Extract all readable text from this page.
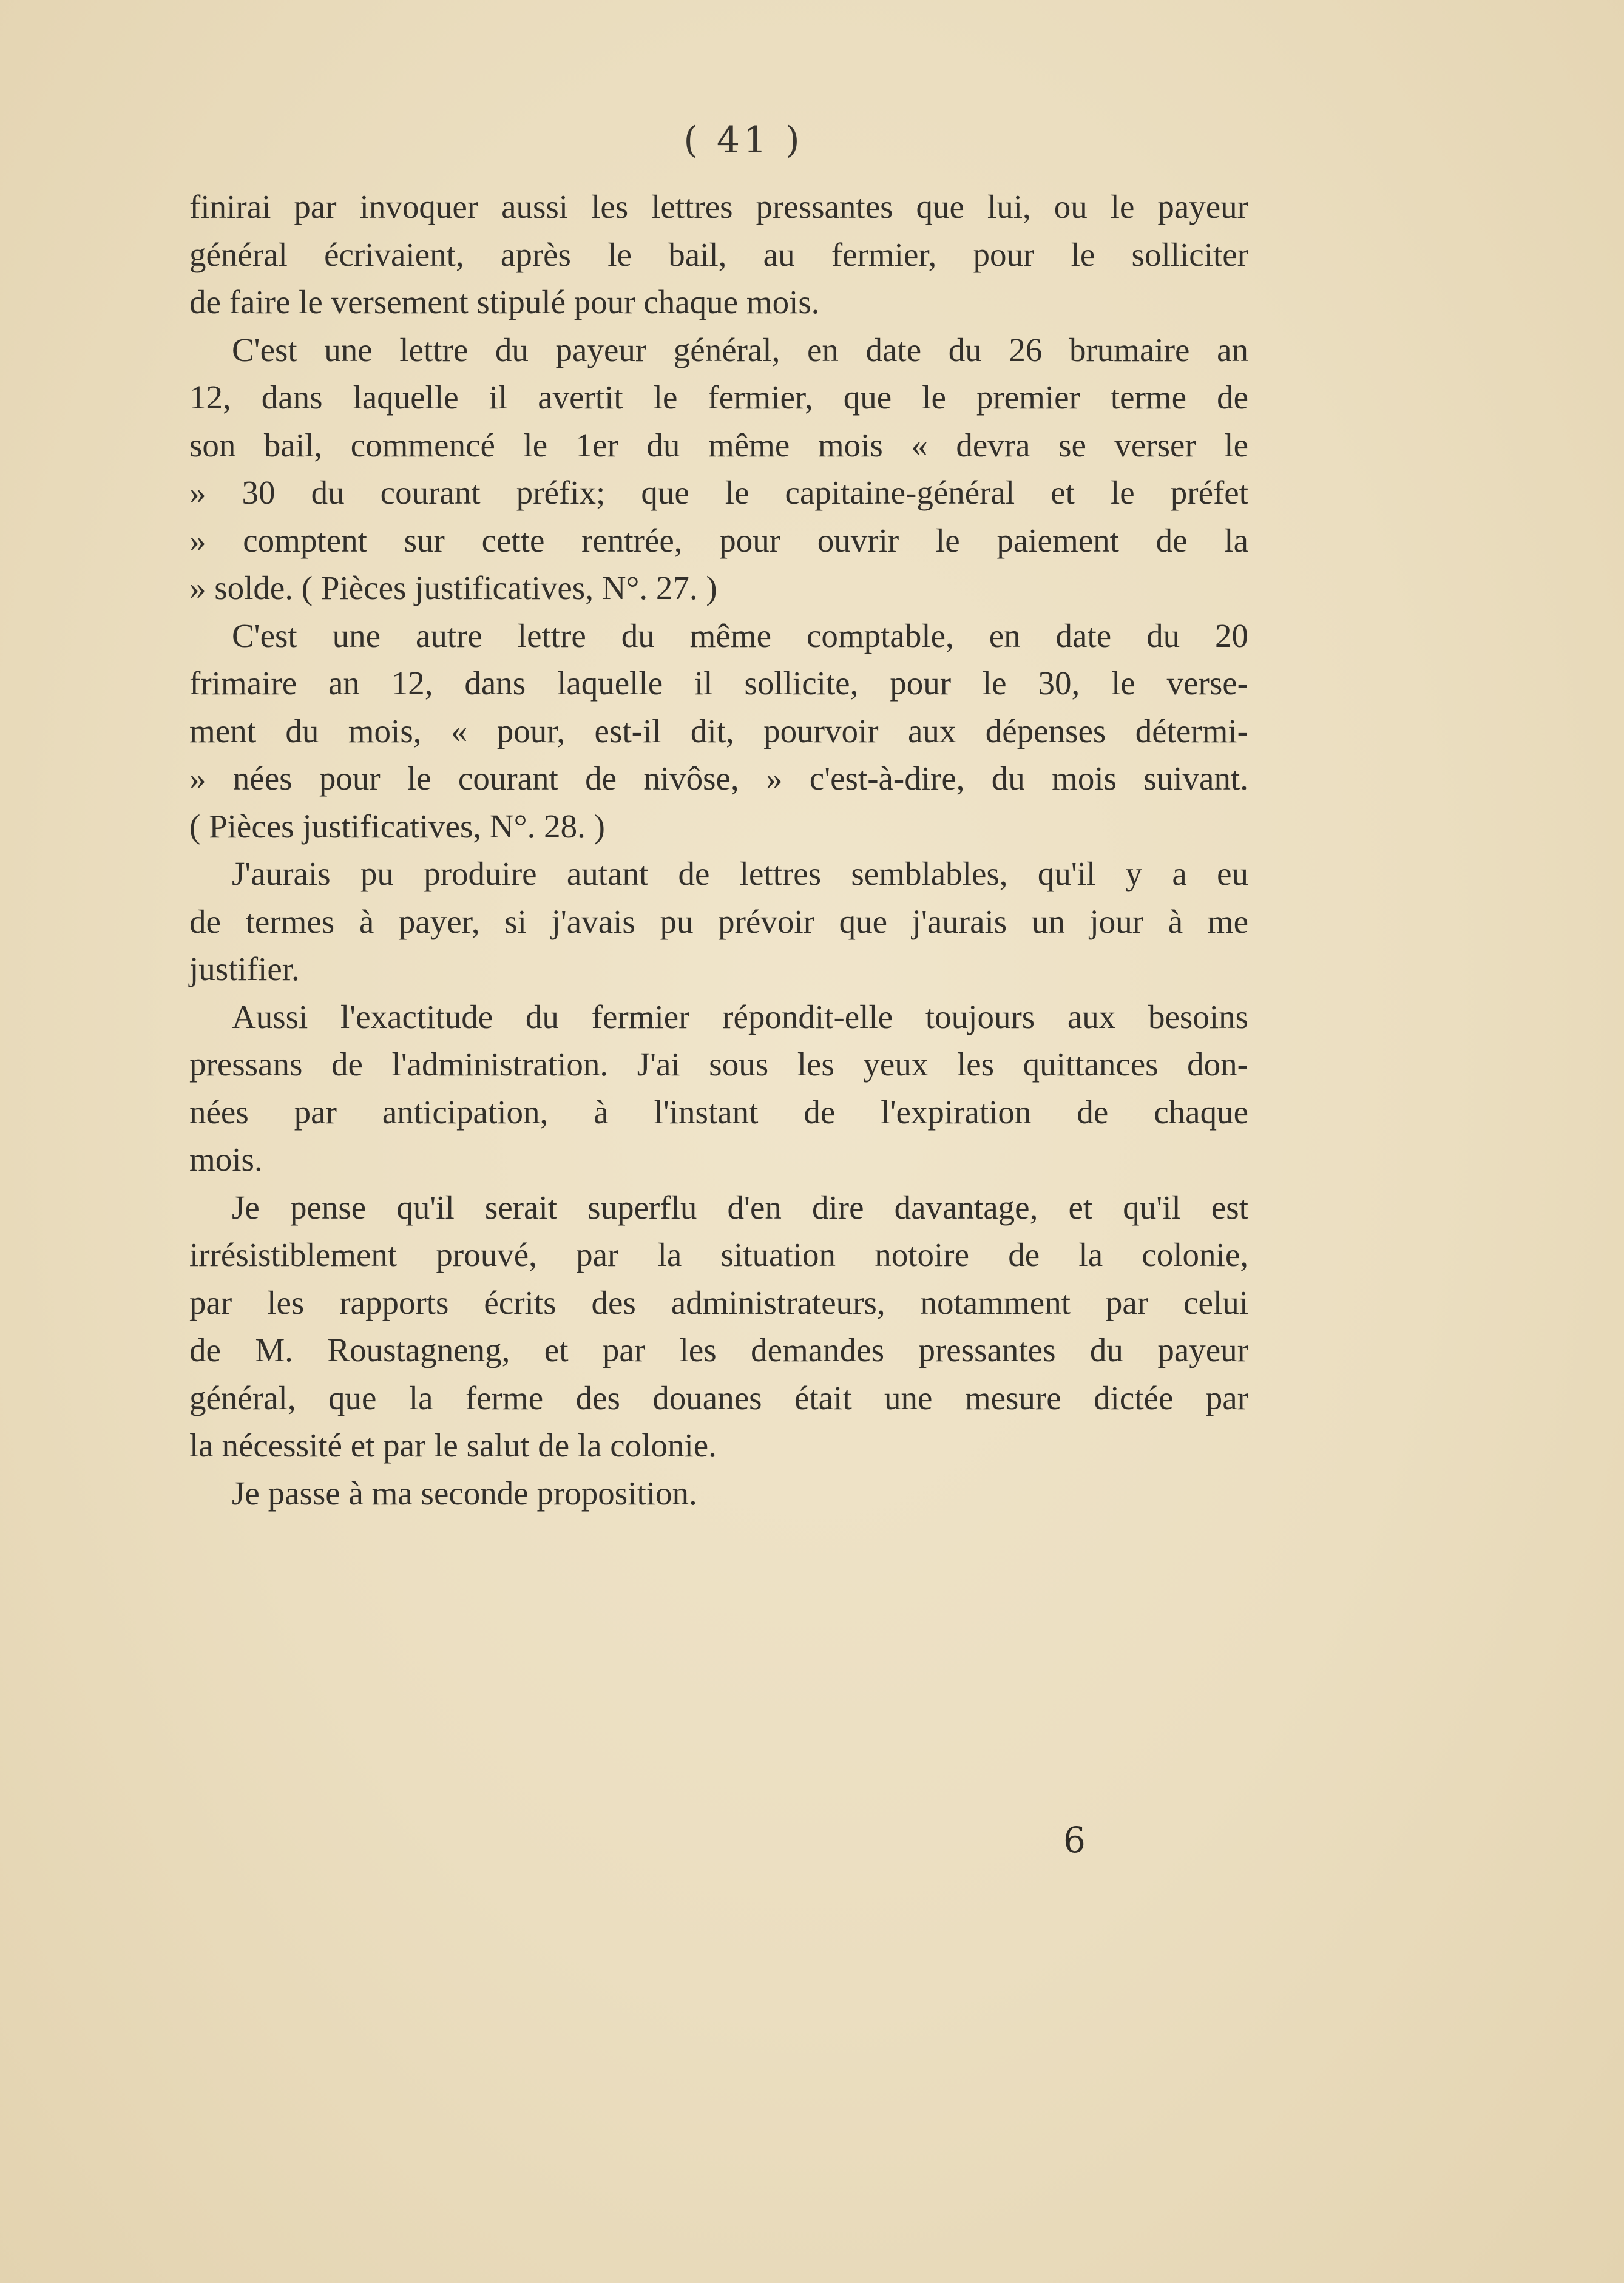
( 41 )
finirai par invoquer aussi les lettres pressantes que lui, ou le payeur
général écrivaient, après le bail, au fermier, pour le solliciter
de faire le versement stipulé pour chaque mois.
C'est une lettre du payeur général, en date du 26 brumaire an
12, dans laquelle il avertit le fermier, que le premier terme de
son bail, commencé le 1er du même mois « devra se verser le
» 30 du courant préfix; que le capitaine-général et le préfet
» comptent sur cette rentrée, pour ouvrir le paiement de la
» solde. ( Pièces justificatives, N°. 27. )
C'est une autre lettre du même comptable, en date du 20
frimaire an 12, dans laquelle il sollicite, pour le 30, le verse-
ment du mois, « pour, est-il dit, pourvoir aux dépenses détermi-
» nées pour le courant de nivôse, » c'est-à-dire, du mois suivant.
( Pièces justificatives, N°. 28. )
J'aurais pu produire autant de lettres semblables, qu'il y a eu
de termes à payer, si j'avais pu prévoir que j'aurais un jour à me
justifier.
Aussi l'exactitude du fermier répondit-elle toujours aux besoins
pressans de l'administration. J'ai sous les yeux les quittances don-
nées par anticipation, à l'instant de l'expiration de chaque
mois.
Je pense qu'il serait superflu d'en dire davantage, et qu'il est
irrésistiblement prouvé, par la situation notoire de la colonie,
par les rapports écrits des administrateurs, notamment par celui
de M. Roustagneng, et par les demandes pressantes du payeur
général, que la ferme des douanes était une mesure dictée par
la nécessité et par le salut de la colonie.
Je passe à ma seconde proposition.
6
